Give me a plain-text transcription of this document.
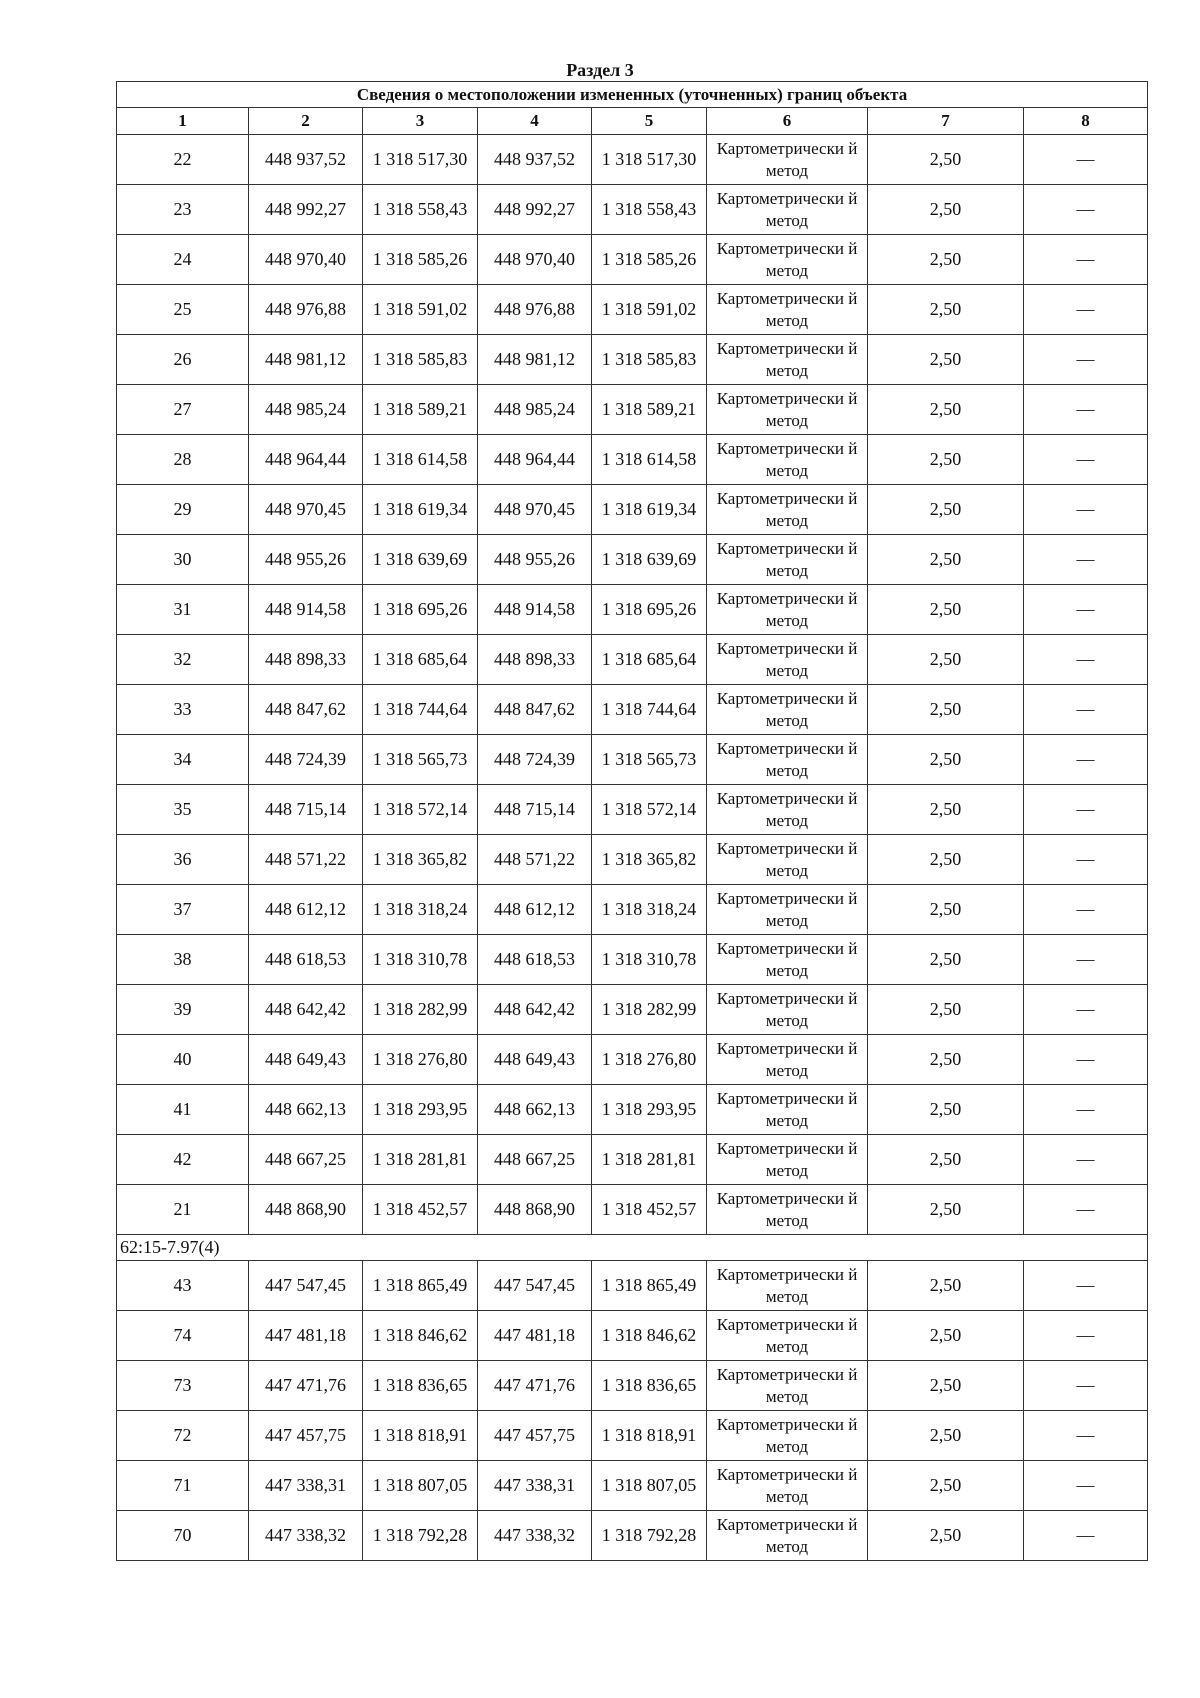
Раздел 3
Сведения о местоположении измененных (уточненных) границ объекта							
1	2	3	4	5	6	7	8
22	448 937,52	1 318 517,30	448 937,52	1 318 517,30	Картометрически й метод	2,50	—
23	448 992,27	1 318 558,43	448 992,27	1 318 558,43	Картометрически й метод	2,50	—
24	448 970,40	1 318 585,26	448 970,40	1 318 585,26	Картометрически й метод	2,50	—
25	448 976,88	1 318 591,02	448 976,88	1 318 591,02	Картометрически й метод	2,50	—
26	448 981,12	1 318 585,83	448 981,12	1 318 585,83	Картометрически й метод	2,50	—
27	448 985,24	1 318 589,21	448 985,24	1 318 589,21	Картометрически й метод	2,50	—
28	448 964,44	1 318 614,58	448 964,44	1 318 614,58	Картометрически й метод	2,50	—
29	448 970,45	1 318 619,34	448 970,45	1 318 619,34	Картометрически й метод	2,50	—
30	448 955,26	1 318 639,69	448 955,26	1 318 639,69	Картометрически й метод	2,50	—
31	448 914,58	1 318 695,26	448 914,58	1 318 695,26	Картометрически й метод	2,50	—
32	448 898,33	1 318 685,64	448 898,33	1 318 685,64	Картометрически й метод	2,50	—
33	448 847,62	1 318 744,64	448 847,62	1 318 744,64	Картометрически й метод	2,50	—
34	448 724,39	1 318 565,73	448 724,39	1 318 565,73	Картометрически й метод	2,50	—
35	448 715,14	1 318 572,14	448 715,14	1 318 572,14	Картометрически й метод	2,50	—
36	448 571,22	1 318 365,82	448 571,22	1 318 365,82	Картометрически й метод	2,50	—
37	448 612,12	1 318 318,24	448 612,12	1 318 318,24	Картометрически й метод	2,50	—
38	448 618,53	1 318 310,78	448 618,53	1 318 310,78	Картометрически й метод	2,50	—
39	448 642,42	1 318 282,99	448 642,42	1 318 282,99	Картометрически й метод	2,50	—
40	448 649,43	1 318 276,80	448 649,43	1 318 276,80	Картометрически й метод	2,50	—
41	448 662,13	1 318 293,95	448 662,13	1 318 293,95	Картометрически й метод	2,50	—
42	448 667,25	1 318 281,81	448 667,25	1 318 281,81	Картометрически й метод	2,50	—
21	448 868,90	1 318 452,57	448 868,90	1 318 452,57	Картометрически й метод	2,50	—
62:15-7.97(4)							
43	447 547,45	1 318 865,49	447 547,45	1 318 865,49	Картометрически й метод	2,50	—
74	447 481,18	1 318 846,62	447 481,18	1 318 846,62	Картометрически й метод	2,50	—
73	447 471,76	1 318 836,65	447 471,76	1 318 836,65	Картометрически й метод	2,50	—
72	447 457,75	1 318 818,91	447 457,75	1 318 818,91	Картометрически й метод	2,50	—
71	447 338,31	1 318 807,05	447 338,31	1 318 807,05	Картометрически й метод	2,50	—
70	447 338,32	1 318 792,28	447 338,32	1 318 792,28	Картометрически й метод	2,50	—
